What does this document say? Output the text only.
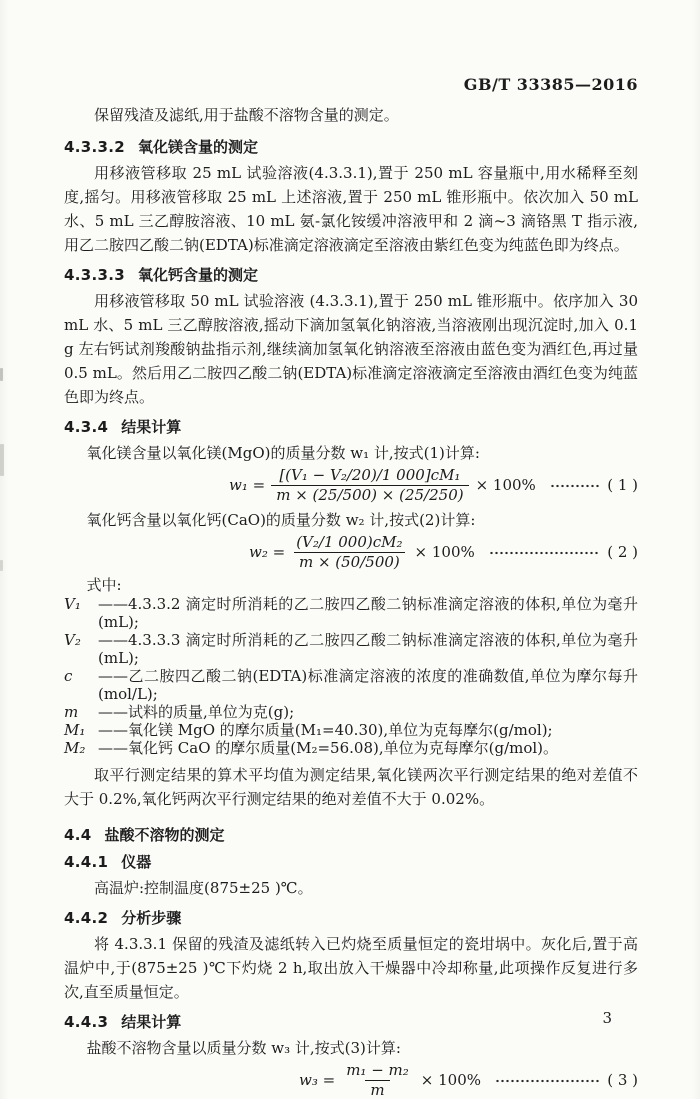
GB/T 33385—2016

保留残渣及滤纸,用于盐酸不溶物含量的测定。

4.3.3.2 氧化镁含量的测定

用移液管移取 25 mL 试验溶液(4.3.3.1),置于 250 mL 容量瓶中,用水稀释至刻度,摇匀。用移液管移取 25 mL 上述溶液,置于 250 mL 锥形瓶中。依次加入 50 mL 水、5 mL 三乙醇胺溶液、10 mL 氨-氯化铵缓冲溶液甲和 2 滴~3 滴铬黑 T 指示液,用乙二胺四乙酸二钠(EDTA)标准滴定溶液滴定至溶液由紫红色变为纯蓝色即为终点。

4.3.3.3 氧化钙含量的测定

用移液管移取 50 mL 试验溶液 (4.3.3.1),置于 250 mL 锥形瓶中。依序加入 30 mL 水、5 mL 三乙醇胺溶液,摇动下滴加氢氧化钠溶液,当溶液刚出现沉淀时,加入 0.1 g 左右钙试剂羧酸钠盐指示剂,继续滴加氢氧化钠溶液至溶液由蓝色变为酒红色,再过量 0.5 mL。然后用乙二胺四乙酸二钠(EDTA)标准滴定溶液滴定至溶液由酒红色变为纯蓝色即为终点。

4.3.4 结果计算

氧化镁含量以氧化镁(MgO)的质量分数 w₁ 计,按式(1)计算:

$w_1 = \frac{\text{[(V₁ − V₂/20)/1 000]cM₁}}{m \times (25/500) \times (25/250)} \times 100\%$	( 1 )

氧化钙含量以氧化钙(CaO)的质量分数 w₂ 计,按式(2)计算:

$w_2 = \frac{\text{(V₂/1 000)cM₂}}{m \times (50/500)} \times 100\%$	( 2 )

式中:

V₁	——4.3.3.2 滴定时所消耗的乙二胺四乙酸二钠标准滴定溶液的体积,单位为毫升(mL);
V₂	——4.3.3.3 滴定时所消耗的乙二胺四乙酸二钠标准滴定溶液的体积,单位为毫升(mL);
c	——乙二胺四乙酸二钠(EDTA)标准滴定溶液的浓度的准确数值,单位为摩尔每升(mol/L);
m	——试料的质量,单位为克(g);
M₁ ——氧化镁 MgO 的摩尔质量(M₁=40.30),单位为克每摩尔(g/mol);
M₂ ——氧化钙 CaO 的摩尔质量(M₂=56.08),单位为克每摩尔(g/mol)。

取平行测定结果的算术平均值为测定结果,氧化镁两次平行测定结果的绝对差值不大于 0.2%,氧化钙两次平行测定结果的绝对差值不大于 0.02%。

4.4 盐酸不溶物的测定
4.4.1 仪器

高温炉:控制温度(875±25 )℃。

4.4.2 分析步骤

将 4.3.3.1 保留的残渣及滤纸转入已灼烧至质量恒定的瓷坩埚中。灰化后,置于高温炉中,于(875±25 )℃下灼烧 2 h,取出放入干燥器中冷却称量,此项操作反复进行多次,直至质量恒定。

4.4.3 结果计算

盐酸不溶物含量以质量分数 w₃ 计,按式(3)计算:

$w_3 = \frac{\text{m₁ − m₂}}{m} \times 100\%$	( 3 )
3
